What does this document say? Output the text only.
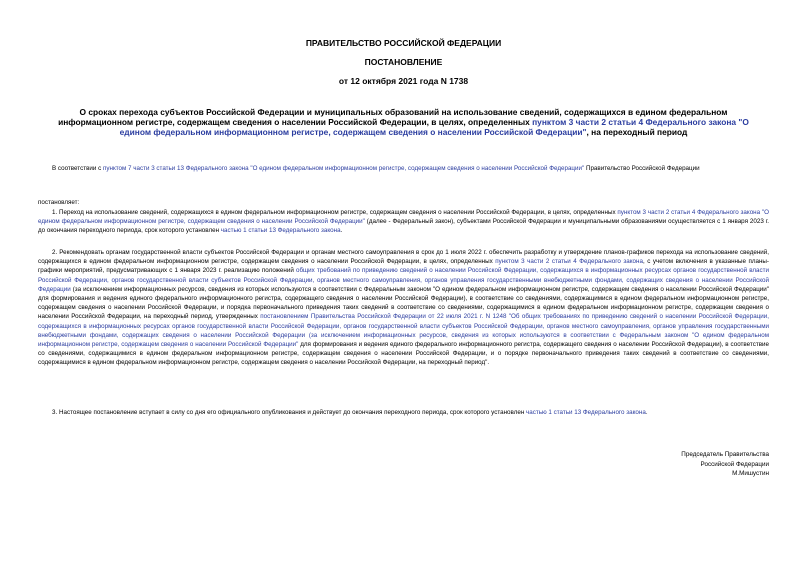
ПРАВИТЕЛЬСТВО РОССИЙСКОЙ ФЕДЕРАЦИИ
ПОСТАНОВЛЕНИЕ
от 12 октября 2021 года N 1738
О сроках перехода субъектов Российской Федерации и муниципальных образований на использование сведений, содержащихся в едином федеральном информационном регистре, содержащем сведения о населении Российской Федерации, в целях, определенных пунктом 3 части 2 статьи 4 Федерального закона "О едином федеральном информационном регистре, содержащем сведения о населении Российской Федерации", на переходный период
В соответствии с пунктом 7 части 3 статьи 13 Федерального закона "О едином федеральном информационном регистре, содержащем сведения о населении Российской Федерации" Правительство Российской Федерации
постановляет:
1. Переход на использование сведений, содержащихся в едином федеральном информационном регистре, содержащем сведения о населении Российской Федерации, в целях, определенных пунктом 3 части 2 статьи 4 Федерального закона "О едином федеральном информационном регистре, содержащем сведения о населении Российской Федерации" (далее - Федеральный закон), субъектами Российской Федерации и муниципальными образованиями осуществляется с 1 января 2023 г. до окончания переходного периода, срок которого установлен частью 1 статьи 13 Федерального закона.
2. Рекомендовать органам государственной власти субъектов Российской Федерации и органам местного самоуправления в срок до 1 июля 2022 г. обеспечить разработку и утверждение планов-графиков перехода на использование сведений, содержащихся в едином федеральном информационном регистре, содержащем сведения о населении Российской Федерации, в целях, определенных пунктом 3 части 2 статьи 4 Федерального закона, с учетом включения в указанные планы-графики мероприятий, предусматривающих с 1 января 2023 г. реализацию положений общих требований по приведению сведений о населении Российской Федерации, содержащихся в информационных ресурсах органов государственной власти Российской Федерации, органов государственной власти субъектов Российской Федерации, органов местного самоуправления, органов управления государственными внебюджетными фондами, содержащих сведения о населении Российской Федерации (за исключением информационных ресурсов, сведения из которых используются в соответствии с Федеральным законом "О едином федеральном информационном регистре, содержащем сведения о населении Российской Федерации" для формирования и ведения единого федерального информационного регистра, содержащего сведения о населении Российской Федерации), в соответствие со сведениями, содержащимися в едином федеральном информационном регистре, содержащем сведения о населении Российской Федерации, и порядка первоначального приведения таких сведений в соответствие со сведениями, содержащимися в едином федеральном информационном регистре, содержащем сведения о населении Российской Федерации, на переходный период, утвержденных постановлением Правительства Российской Федерации от 22 июля 2021 г. N 1248 "Об общих требованиях по приведению сведений о населении Российской Федерации, содержащихся в информационных ресурсах органов государственной власти Российской Федерации, органов государственной власти субъектов Российской Федерации, органов местного самоуправления, органов управления государственными внебюджетными фондами, содержащих сведения о населении Российской Федерации (за исключением информационных ресурсов, сведения из которых используются в соответствии с Федеральным законом "О едином федеральном информационном регистре, содержащем сведения о населении Российской Федерации" для формирования и ведения единого федерального информационного регистра, содержащего сведения о населении Российской Федерации), в соответствие со сведениями, содержащимися в едином федеральном информационном регистре, содержащем сведения о населении Российской Федерации, и о порядке первоначального приведения таких сведений в соответствие со сведениями, содержащимися в едином федеральном информационном регистре, содержащем сведения о населении Российской Федерации, на переходный период".
3. Настоящее постановление вступает в силу со дня его официального опубликования и действует до окончания переходного периода, срок которого установлен частью 1 статьи 13 Федерального закона.
Председатель Правительства
Российской Федерации
М.Мишустин
